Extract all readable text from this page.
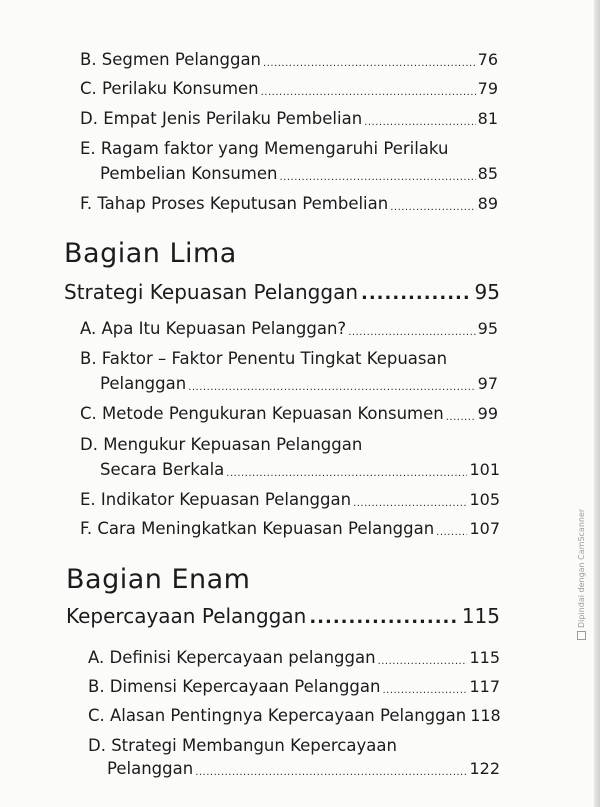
B. Segmen Pelanggan .....	76
C. Perilaku Konsumen .....	79
D. Empat Jenis Perilaku Pembelian .....	81
E. Ragam faktor yang Memengaruhi Perilaku
Pembelian Konsumen .....	85
F. Tahap Proses Keputusan Pembelian .....	89
Bagian Lima
Strategi Kepuasan Pelanggan .....	95
A. Apa Itu Kepuasan Pelanggan? .....	95
B. Faktor – Faktor Penentu Tingkat Kepuasan
Pelanggan .....	97
C. Metode Pengukuran Kepuasan Konsumen ..... 99
D. Mengukur Kepuasan Pelanggan
Secara Berkala .....	101
E. Indikator Kepuasan Pelanggan .....	105
F. Cara Meningkatkan Kepuasan Pelanggan ..... 107
Bagian Enam
Kepercayaan Pelanggan .....	115
A. Definisi Kepercayaan pelanggan .....	115
B. Dimensi Kepercayaan Pelanggan .....	117
C. Alasan Pentingnya Kepercayaan Pelanggan 118
D. Strategi Membangun Kepercayaan
Pelanggan .....	122
Dipindai dengan CamScanner
